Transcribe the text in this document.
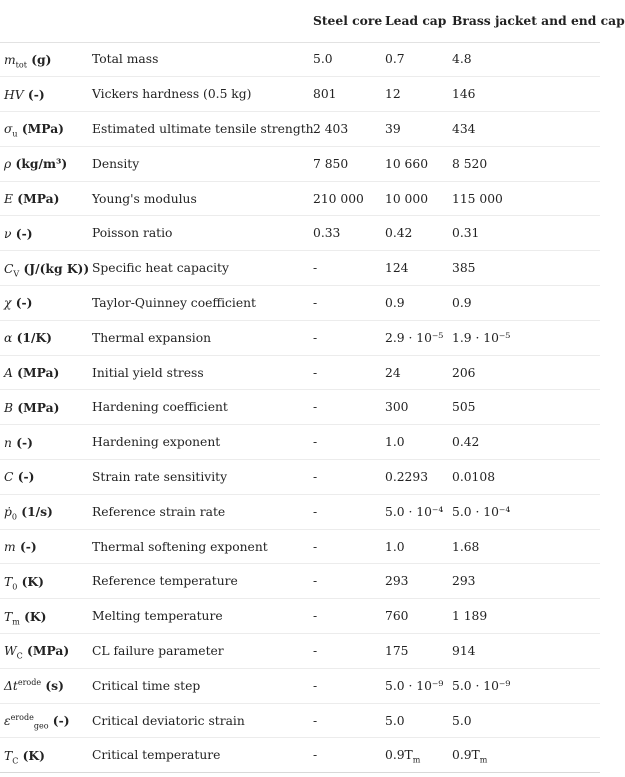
		Steel core	Lead cap	Brass jacket and end cap
$m_{tot}$ (g)	Total mass	5.0	0.7	4.8
HV (-)	Vickers hardness (0.5 kg)	801	12	146
$\sigma_u$ (MPa)	Estimated ultimate tensile strength	2 403	39	434
ρ (kg/m³)	Density	7 850	10 660	8 520
E (MPa)	Young's modulus	210 000	10 000	115 000
ν (-)	Poisson ratio	0.33	0.42	0.31
$C_V$ (J/(kg K))	Specific heat capacity	-	124	385
χ (-)	Taylor-Quinney coefficient	-	0.9	0.9
α (1/K)	Thermal expansion	-	2.9 · 10⁻⁵	1.9 · 10⁻⁵
A (MPa)	Initial yield stress	-	24	206
B (MPa)	Hardening coefficient	-	300	505
n (-)	Hardening exponent	-	1.0	0.42
C (-)	Strain rate sensitivity	-	0.2293	0.0108
ṗ$_0$ (1/s)	Reference strain rate	-	5.0 · 10⁻⁴	5.0 · 10⁻⁴
m (-)	Thermal softening exponent	-	1.0	1.68
$T_0$ (K)	Reference temperature	-	293	293
$T_m$ (K)	Melting temperature	-	760	1 189
$W_C$ (MPa)	CL failure parameter	-	175	914
$\Delta t^{erode}$ (s)	Critical time step	-	5.0 · 10⁻⁹	5.0 · 10⁻⁹
$\varepsilon^{erode}_{geo}$ (-)	Critical deviatoric strain	-	5.0	5.0
$T_C$ (K)	Critical temperature	-	$0.9T_m$	$0.9T_m$
